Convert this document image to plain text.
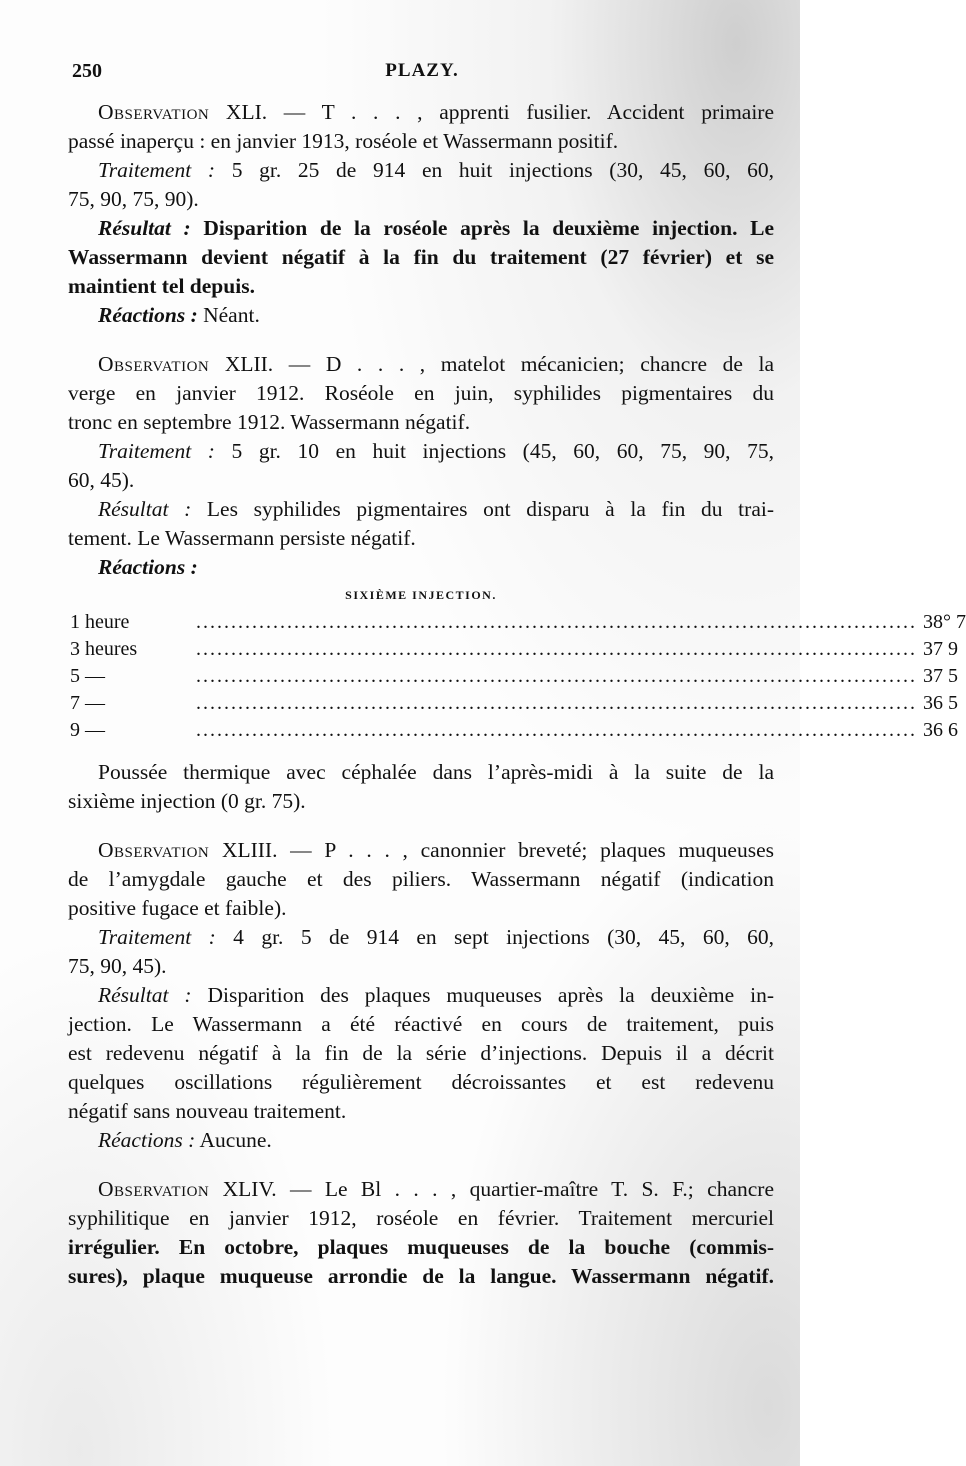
250	PLAZY.
Observation XLI. — T . . . , apprenti fusilier. Accident primaire
passé inaperçu : en janvier 1913, roséole et Wassermann positif.
Traitement : 5 gr. 25 de 914 en huit injections (30, 45, 60, 60,
75, 90, 75, 90).
Résultat : Disparition de la roséole après la deuxième injection. Le
Wassermann devient négatif à la fin du traitement (27 février) et se
maintient tel depuis.
Réactions : Néant.
Observation XLII. — D . . . , matelot mécanicien; chancre de la
verge en janvier 1912. Roséole en juin, syphilides pigmentaires du
tronc en septembre 1912. Wassermann négatif.
Traitement : 5 gr. 10 en huit injections (45, 60, 60, 75, 90, 75,
60, 45).
Résultat : Les syphilides pigmentaires ont disparu à la fin du trai-
tement. Le Wassermann persiste négatif.
Réactions :
SIXIÈME INJECTION.
1 heure	....................................................................................................... 38° 7
3 heures	....................................................................................................... 37 9
5 —	....................................................................................................... 37 5
7 —	....................................................................................................... 36 5
9 —	....................................................................................................... 36 6
Poussée thermique avec céphalée dans l’après-midi à la suite de la
sixième injection (0 gr. 75).
Observation XLIII. — P . . . , canonnier breveté; plaques muqueuses
de l’amygdale gauche et des piliers. Wassermann négatif (indication
positive fugace et faible).
Traitement : 4 gr. 5 de 914 en sept injections (30, 45, 60, 60,
75, 90, 45).
Résultat : Disparition des plaques muqueuses après la deuxième in-
jection. Le Wassermann a été réactivé en cours de traitement, puis
est redevenu négatif à la fin de la série d’injections. Depuis il a décrit
quelques oscillations régulièrement décroissantes et est redevenu
négatif sans nouveau traitement.
Réactions : Aucune.
Observation XLIV. — Le Bl . . . , quartier-maître T. S. F.; chancre
syphilitique en janvier 1912, roséole en février. Traitement mercuriel
irrégulier. En octobre, plaques muqueuses de la bouche (commis-
sures), plaque muqueuse arrondie de la langue. Wassermann négatif.
